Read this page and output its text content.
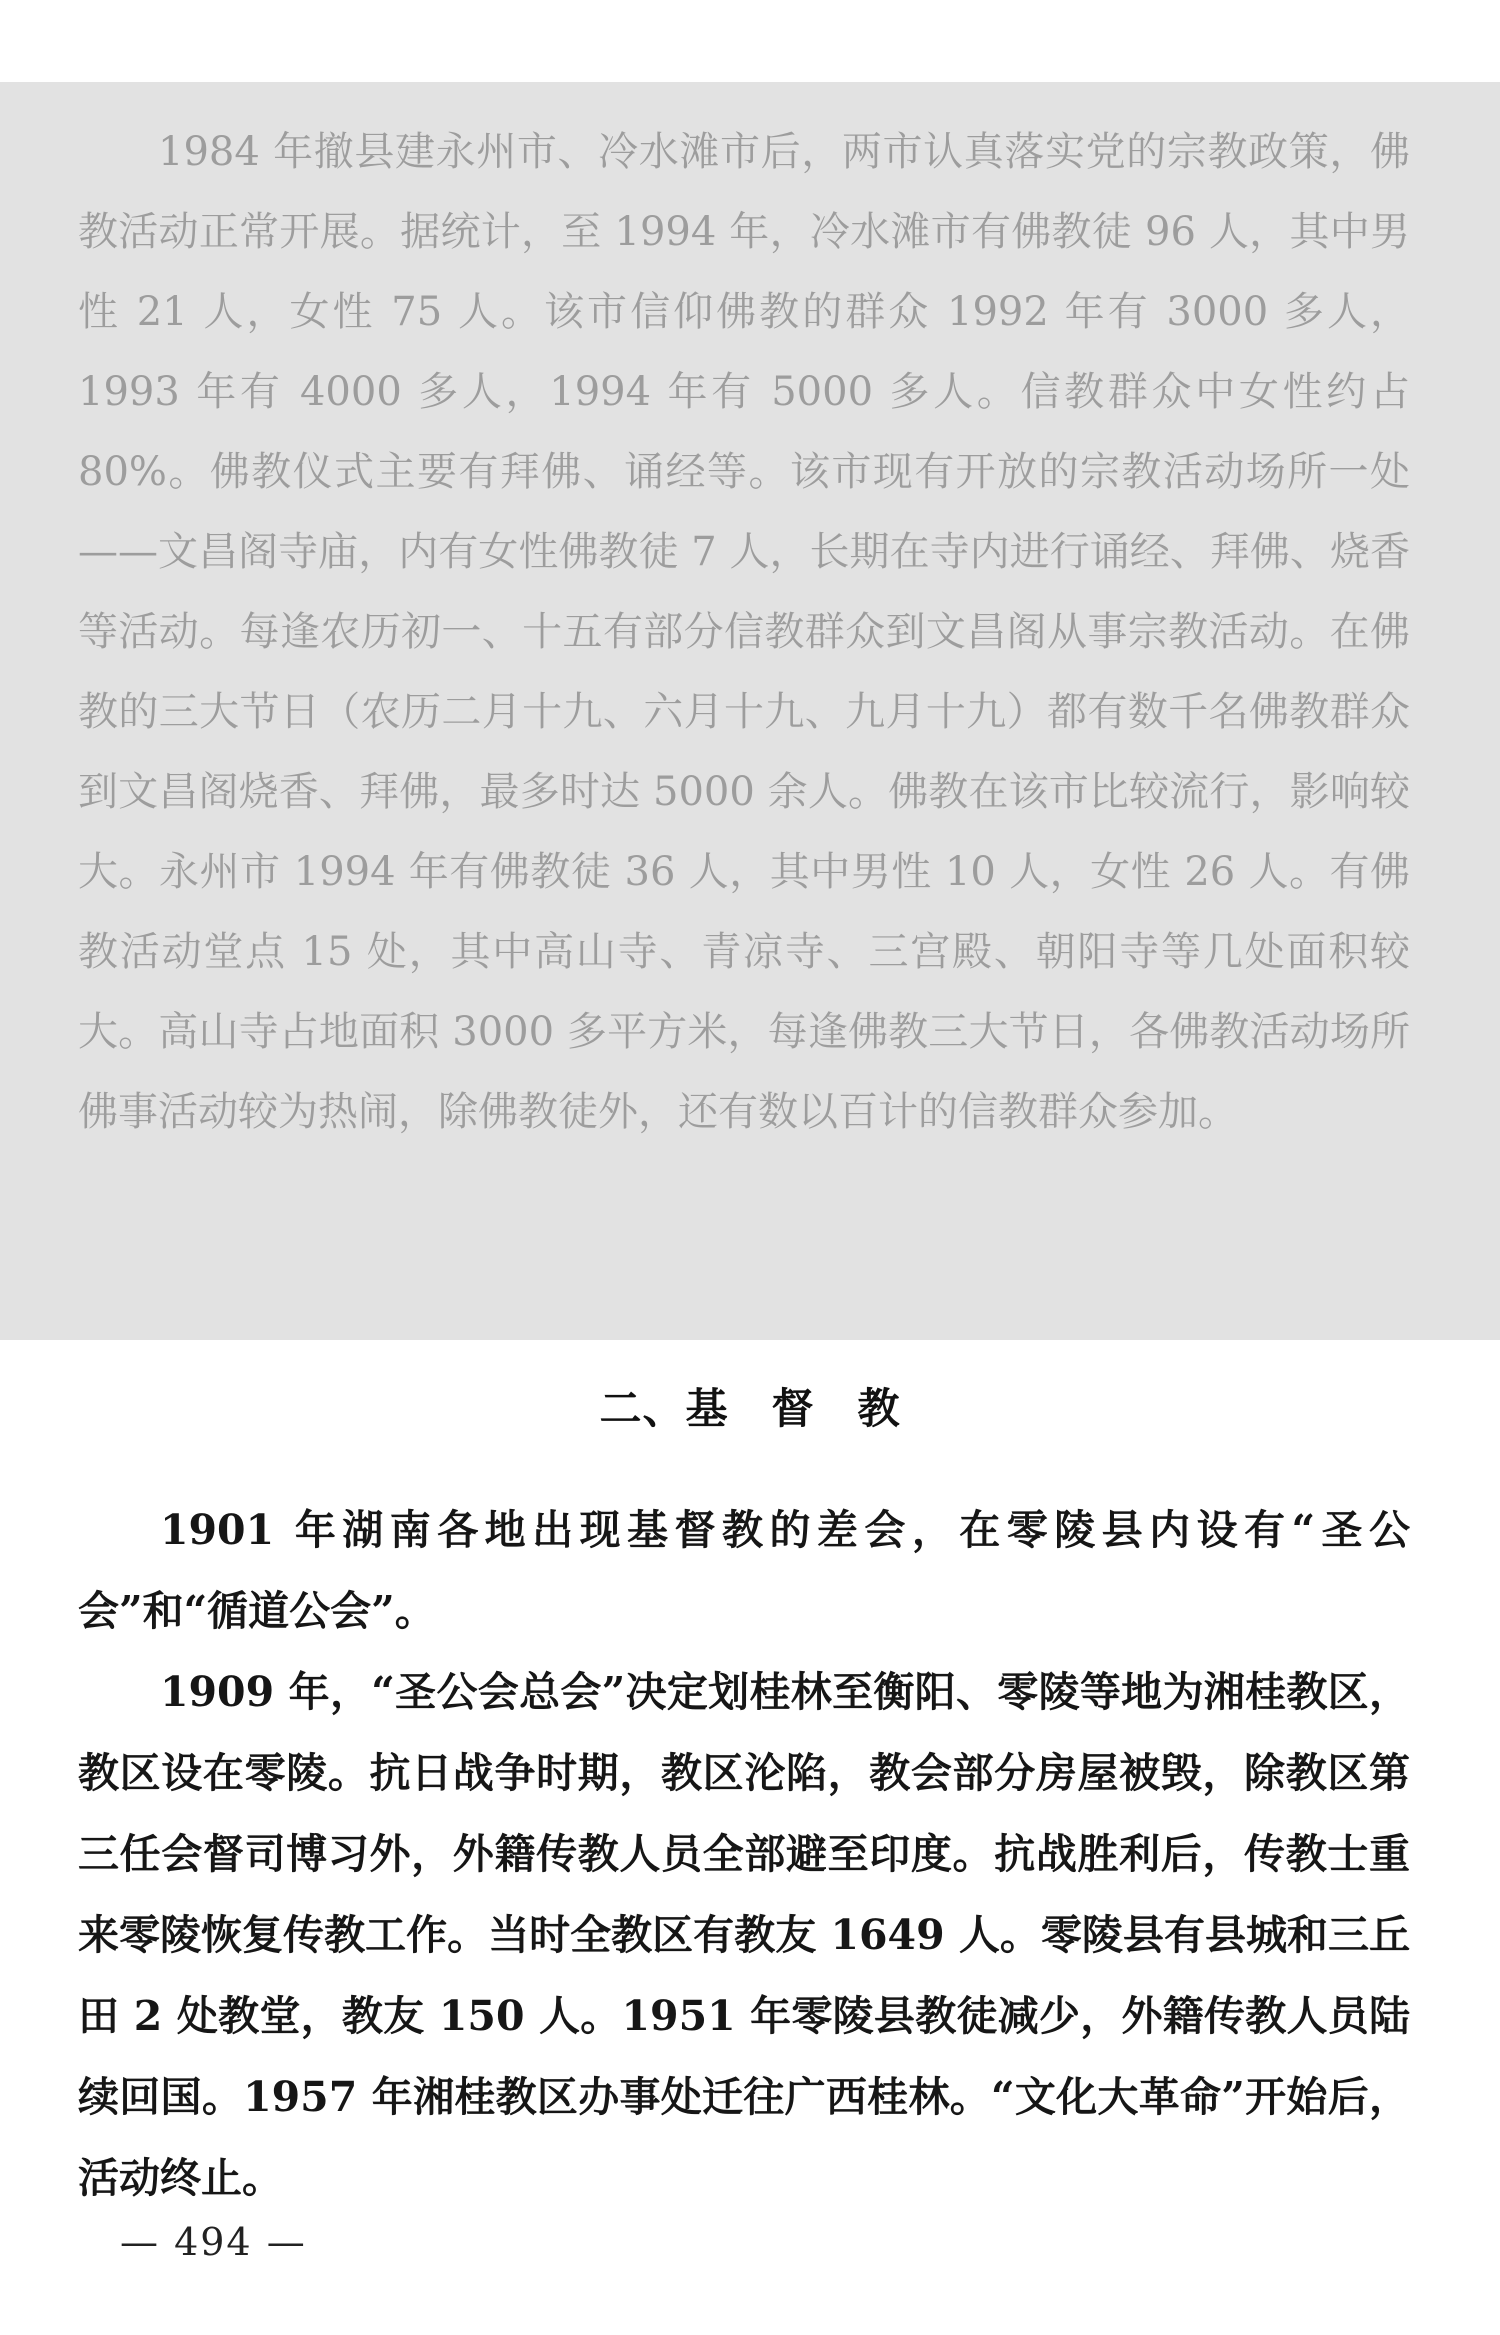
1984 年撤县建永州市、冷水滩市后，两市认真落实党的宗教政策，佛教活动正常开展。据统计，至 1994 年，冷水滩市有佛教徒 96 人，其中男性 21 人，女性 75 人。该市信仰佛教的群众 1992 年有 3000 多人，1993 年有 4000 多人，1994 年有 5000 多人。信教群众中女性约占 80%。佛教仪式主要有拜佛、诵经等。该市现有开放的宗教活动场所一处——文昌阁寺庙，内有女性佛教徒 7 人，长期在寺内进行诵经、拜佛、烧香等活动。每逢农历初一、十五有部分信教群众到文昌阁从事宗教活动。在佛教的三大节日（农历二月十九、六月十九、九月十九）都有数千名佛教群众到文昌阁烧香、拜佛，最多时达 5000 余人。佛教在该市比较流行，影响较大。永州市 1994 年有佛教徒 36 人，其中男性 10 人，女性 26 人。有佛教活动堂点 15 处，其中高山寺、青凉寺、三宫殿、朝阳寺等几处面积较大。高山寺占地面积 3000 多平方米，每逢佛教三大节日，各佛教活动场所佛事活动较为热闹，除佛教徒外，还有数以百计的信教群众参加。

二、基　督　教

1901 年湖南各地出现基督教的差会，在零陵县内设有“圣公会”和“循道公会”。

1909 年，“圣公会总会”决定划桂林至衡阳、零陵等地为湘桂教区，教区设在零陵。抗日战争时期，教区沦陷，教会部分房屋被毁，除教区第三任会督司博习外，外籍传教人员全部避至印度。抗战胜利后，传教士重来零陵恢复传教工作。当时全教区有教友 1649 人。零陵县有县城和三丘田 2 处教堂，教友 150 人。1951 年零陵县教徒减少，外籍传教人员陆续回国。1957 年湘桂教区办事处迁往广西桂林。“文化大革命”开始后，活动终止。

— 494 —
